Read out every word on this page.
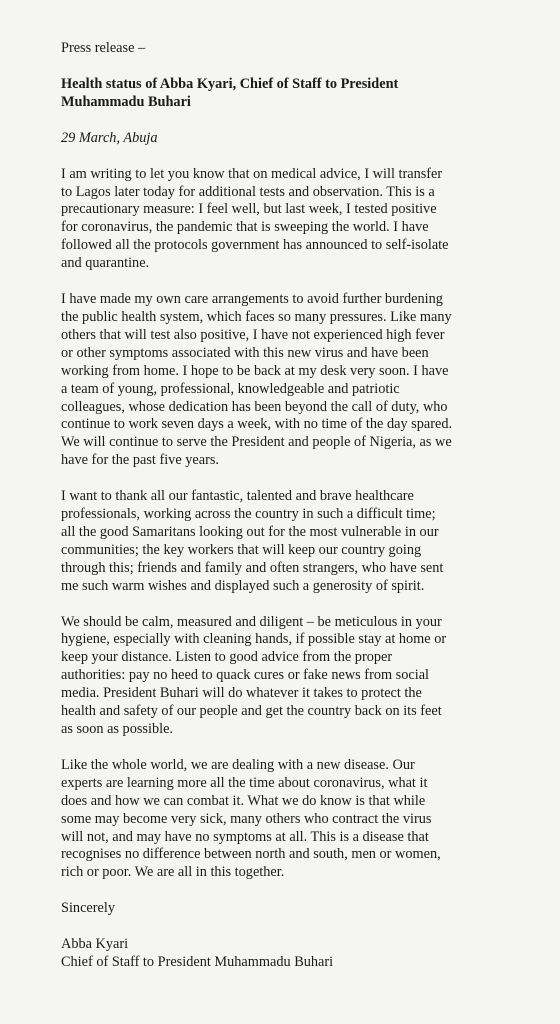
Press release –

Health status of Abba Kyari, Chief of Staff to President Muhammadu Buhari

29 March, Abuja

I am writing to let you know that on medical advice, I will transfer to Lagos later today for additional tests and observation. This is a precautionary measure: I feel well, but last week, I tested positive for coronavirus, the pandemic that is sweeping the world. I have followed all the protocols government has announced to self-isolate and quarantine.

I have made my own care arrangements to avoid further burdening the public health system, which faces so many pressures. Like many others that will test also positive, I have not experienced high fever or other symptoms associated with this new virus and have been working from home. I hope to be back at my desk very soon. I have a team of young, professional, knowledgeable and patriotic colleagues, whose dedication has been beyond the call of duty, who continue to work seven days a week, with no time of the day spared. We will continue to serve the President and people of Nigeria, as we have for the past five years.

I want to thank all our fantastic, talented and brave healthcare professionals, working across the country in such a difficult time; all the good Samaritans looking out for the most vulnerable in our communities; the key workers that will keep our country going through this; friends and family and often strangers, who have sent me such warm wishes and displayed such a generosity of spirit.

We should be calm, measured and diligent – be meticulous in your hygiene, especially with cleaning hands, if possible stay at home or keep your distance. Listen to good advice from the proper authorities: pay no heed to quack cures or fake news from social media. President Buhari will do whatever it takes to protect the health and safety of our people and get the country back on its feet as soon as possible.

Like the whole world, we are dealing with a new disease. Our experts are learning more all the time about coronavirus, what it does and how we can combat it. What we do know is that while some may become very sick, many others who contract the virus will not, and may have no symptoms at all. This is a disease that recognises no difference between north and south, men or women, rich or poor. We are all in this together.

Sincerely

Abba Kyari
Chief of Staff to President Muhammadu Buhari
